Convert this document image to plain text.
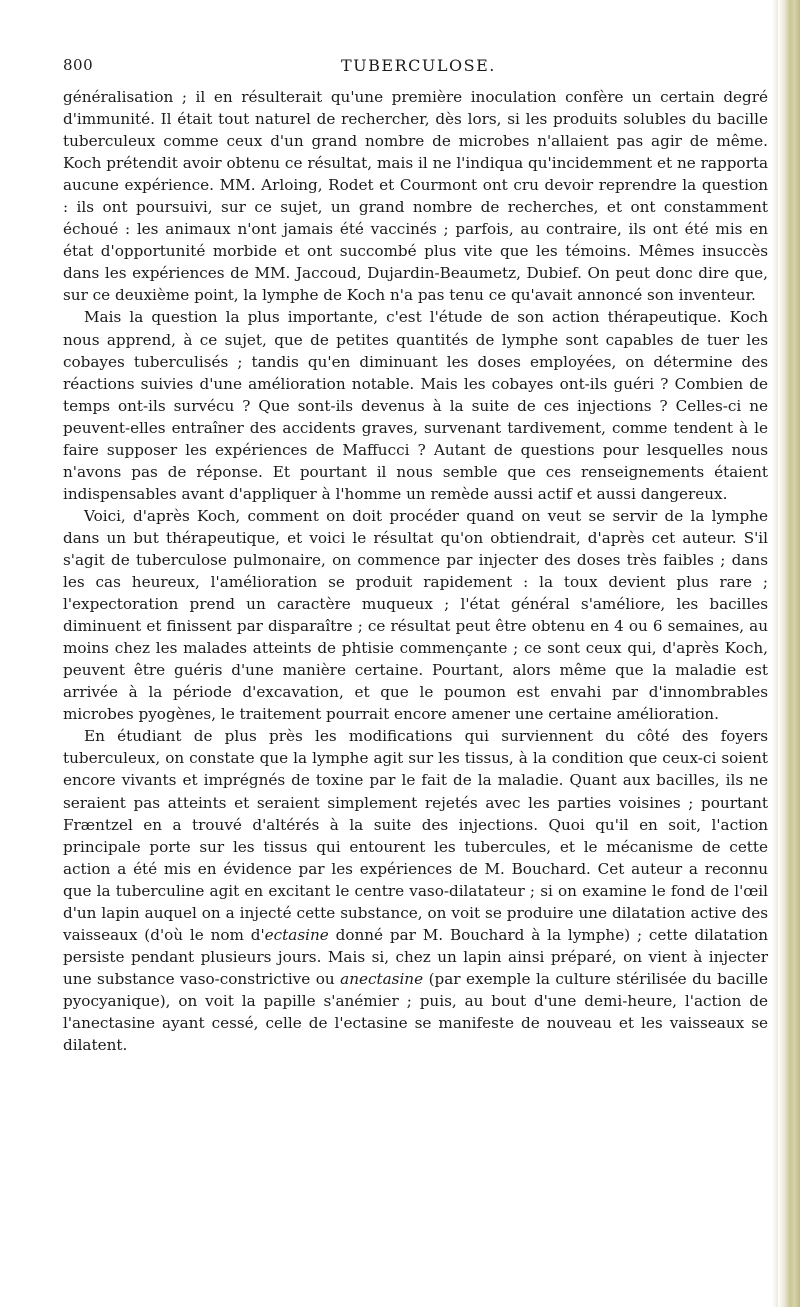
800	TUBERCULOSE.

généralisation ; il en résulterait qu'une première inoculation confère un certain degré d'immunité. Il était tout naturel de rechercher, dès lors, si les produits solubles du bacille tuberculeux comme ceux d'un grand nombre de microbes n'allaient pas agir de même. Koch prétendit avoir obtenu ce résultat, mais il ne l'indiqua qu'incidemment et ne rapporta aucune expérience. MM. Arloing, Rodet et Courmont ont cru devoir reprendre la question : ils ont poursuivi, sur ce sujet, un grand nombre de recherches, et ont constamment échoué : les animaux n'ont jamais été vaccinés ; parfois, au contraire, ils ont été mis en état d'opportunité morbide et ont succombé plus vite que les témoins. Mêmes insuccès dans les expériences de MM. Jaccoud, Dujardin-Beaumetz, Dubief. On peut donc dire que, sur ce deuxième point, la lymphe de Koch n'a pas tenu ce qu'avait annoncé son inventeur.

Mais la question la plus importante, c'est l'étude de son action thérapeutique. Koch nous apprend, à ce sujet, que de petites quantités de lymphe sont capables de tuer les cobayes tuberculisés ; tandis qu'en diminuant les doses employées, on détermine des réactions suivies d'une amélioration notable. Mais les cobayes ont-ils guéri ? Combien de temps ont-ils survécu ? Que sont-ils devenus à la suite de ces injections ? Celles-ci ne peuvent-elles entraîner des accidents graves, survenant tardivement, comme tendent à le faire supposer les expériences de Maffucci ? Autant de questions pour lesquelles nous n'avons pas de réponse. Et pourtant il nous semble que ces renseignements étaient indispensables avant d'appliquer à l'homme un remède aussi actif et aussi dangereux.

Voici, d'après Koch, comment on doit procéder quand on veut se servir de la lymphe dans un but thérapeutique, et voici le résultat qu'on obtiendrait, d'après cet auteur. S'il s'agit de tuberculose pulmonaire, on commence par injecter des doses très faibles ; dans les cas heureux, l'amélioration se produit rapidement : la toux devient plus rare ; l'expectoration prend un caractère muqueux ; l'état général s'améliore, les bacilles diminuent et finissent par disparaître ; ce résultat peut être obtenu en 4 ou 6 semaines, au moins chez les malades atteints de phtisie commençante ; ce sont ceux qui, d'après Koch, peuvent être guéris d'une manière certaine. Pourtant, alors même que la maladie est arrivée à la période d'excavation, et que le poumon est envahi par d'innombrables microbes pyogènes, le traitement pourrait encore amener une certaine amélioration.

En étudiant de plus près les modifications qui surviennent du côté des foyers tuberculeux, on constate que la lymphe agit sur les tissus, à la condition que ceux-ci soient encore vivants et imprégnés de toxine par le fait de la maladie. Quant aux bacilles, ils ne seraient pas atteints et seraient simplement rejetés avec les parties voisines ; pourtant Fræntzel en a trouvé d'altérés à la suite des injections. Quoi qu'il en soit, l'action principale porte sur les tissus qui entourent les tubercules, et le mécanisme de cette action a été mis en évidence par les expériences de M. Bouchard. Cet auteur a reconnu que la tuberculine agit en excitant le centre vaso-dilatateur ; si on examine le fond de l'œil d'un lapin auquel on a injecté cette substance, on voit se produire une dilatation active des vaisseaux (d'où le nom d'ectasine donné par M. Bouchard à la lymphe) ; cette dilatation persiste pendant plusieurs jours. Mais si, chez un lapin ainsi préparé, on vient à injecter une substance vaso-constrictive ou anectasine (par exemple la culture stérilisée du bacille pyocyanique), on voit la papille s'anémier ; puis, au bout d'une demi-heure, l'action de l'anectasine ayant cessé, celle de l'ectasine se manifeste de nouveau et les vaisseaux se dilatent.
